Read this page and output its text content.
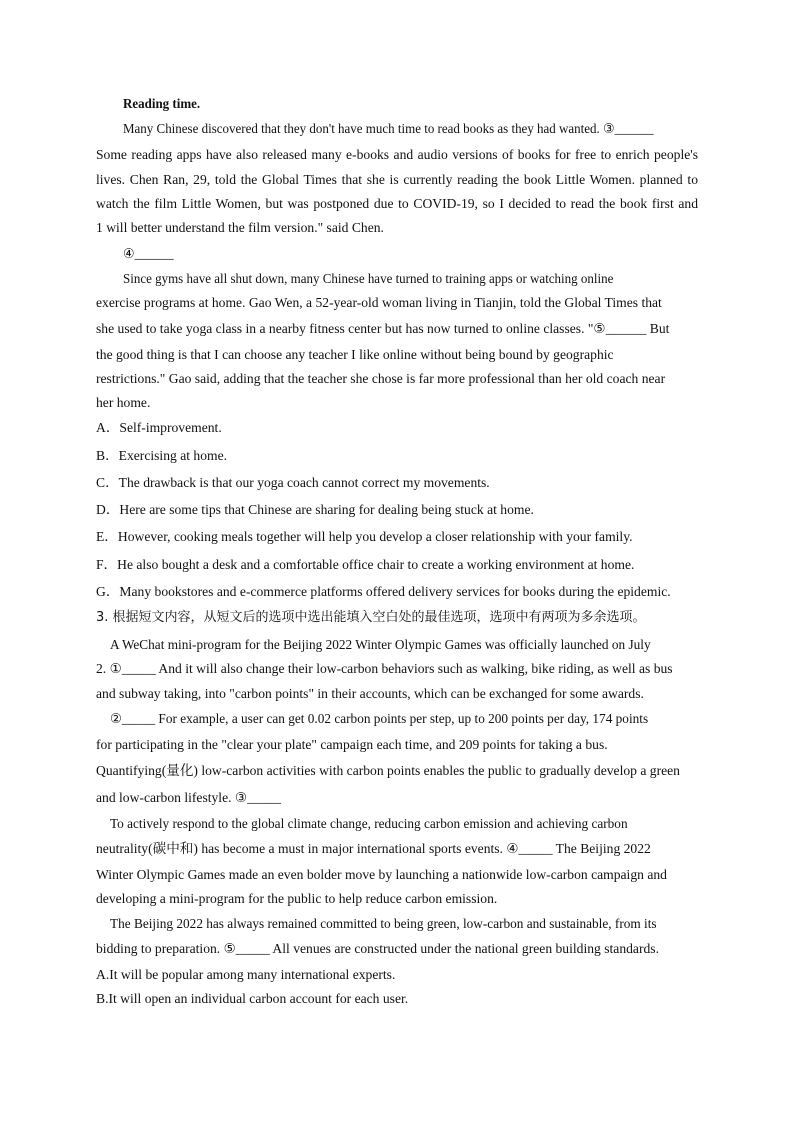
Reading time.
Many Chinese discovered that they don't have much time to read books as they had wanted. ③______
Some reading apps have also released many e-books and audio versions of books for free to enrich people's
lives. Chen Ran, 29, told the Global Times that she is currently reading the book Little Women. planned to
watch the film Little Women, but was postponed due to COVID-19, so I decided to read the book first and
1 will better understand the film version." said Chen.
④______
Since gyms have all shut down, many Chinese have turned to training apps or watching online
exercise programs at home. Gao Wen, a 52-year-old woman living in Tianjin, told the Global Times that
she used to take yoga class in a nearby fitness center but has now turned to online classes. "⑤______ But
the good thing is that I can choose any teacher I like online without being bound by geographic
restrictions." Gao said, adding that the teacher she chose is far more professional than her old coach near
her home.
A．Self-improvement.
B．Exercising at home.
C．The drawback is that our yoga coach cannot correct my movements.
D．Here are some tips that Chinese are sharing for dealing being stuck at home.
E．However, cooking meals together will help you develop a closer relationship with your family.
F．He also bought a desk and a comfortable office chair to create a working environment at home.
G．Many bookstores and e-commerce platforms offered delivery services for books during the epidemic.
3. 根据短文内容，从短文后的选项中选出能填入空白处的最佳选项，选项中有两项为多余选项。
A WeChat mini-program for the Beijing 2022 Winter Olympic Games was officially launched on July
2. ①_____ And it will also change their low-carbon behaviors such as walking, bike riding, as well as bus
and subway taking, into "carbon points" in their accounts, which can be exchanged for some awards.
②_____ For example, a user can get 0.02 carbon points per step, up to 200 points per day, 174 points
for participating in the "clear your plate" campaign each time, and 209 points for taking a bus.
Quantifying(量化) low-carbon activities with carbon points enables the public to gradually develop a green
and low-carbon lifestyle. ③_____
To actively respond to the global climate change, reducing carbon emission and achieving carbon
neutrality(碳中和) has become a must in major international sports events. ④_____ The Beijing 2022
Winter Olympic Games made an even bolder move by launching a nationwide low-carbon campaign and
developing a mini-program for the public to help reduce carbon emission.
The Beijing 2022 has always remained committed to being green, low-carbon and sustainable, from its
bidding to preparation. ⑤_____ All venues are constructed under the national green building standards.
A.It will be popular among many international experts.
B.It will open an individual carbon account for each user.
